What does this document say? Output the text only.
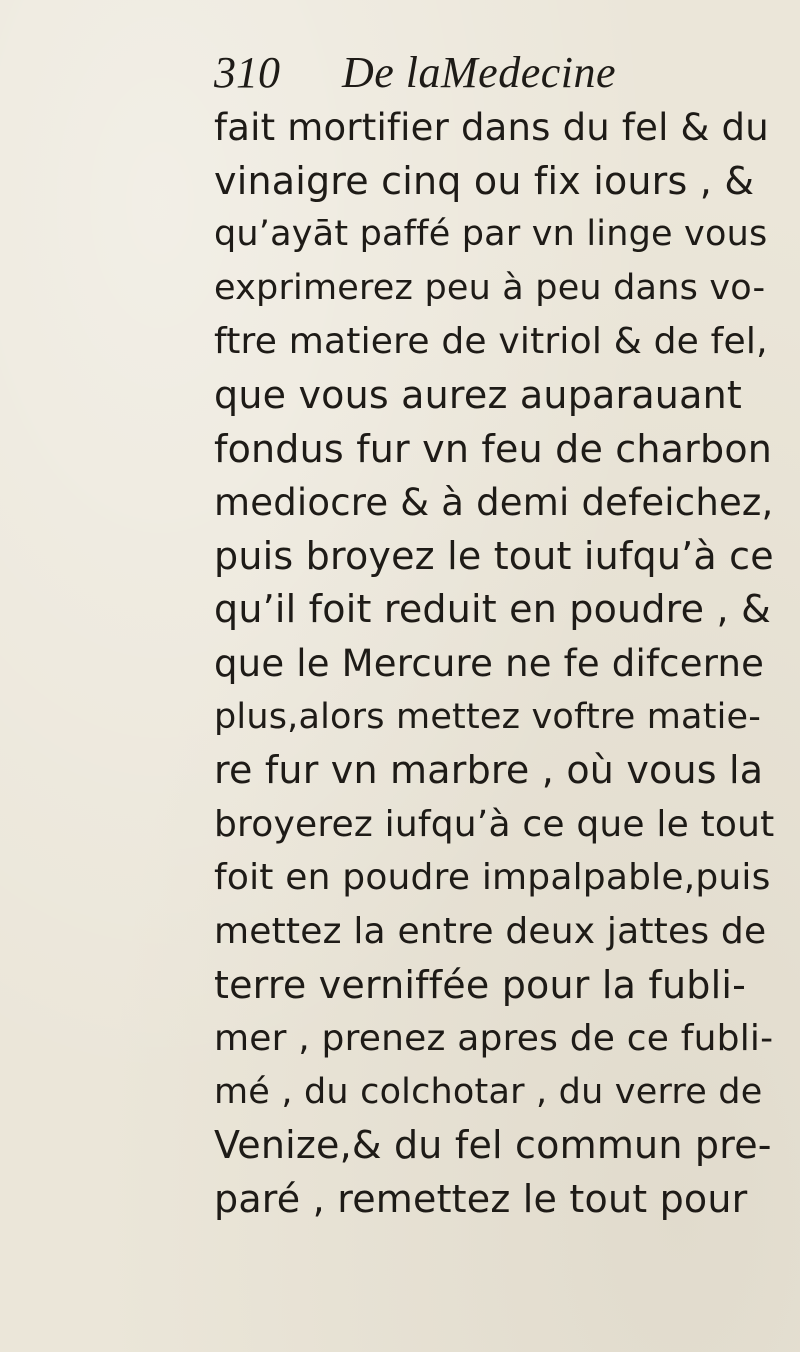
310 De laMedecine
fait mortifier dans du fel & du
vinaigre cinq ou fix iours , &
qu’ayāt paffé par vn linge vous
exprimerez peu à peu dans vo-
ftre matiere de vitriol & de fel,
que vous aurez auparauant
fondus fur vn feu de charbon
mediocre & à demi defeichez,
puis broyez le tout iufqu’à ce
qu’il foit reduit en poudre , &
que le Mercure ne fe difcerne
plus,alors mettez voftre matie-
re fur vn marbre , où vous la
broyerez iufqu’à ce que le tout
foit en poudre impalpable,puis
mettez la entre deux jattes de
terre verniffée pour la fubli-
mer , prenez apres de ce fubli-
mé , du colchotar , du verre de
Venize,& du fel commun pre-
paré , remettez le tout pour
